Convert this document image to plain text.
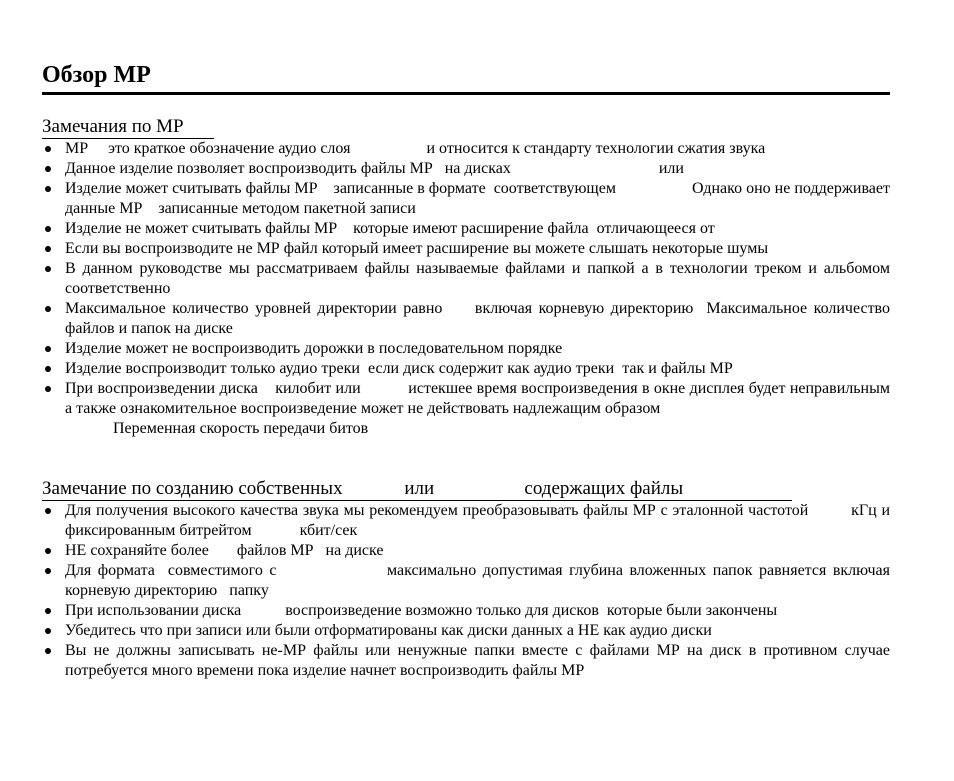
Обзор МР
Замечания по МР
МР     это краткое обозначение аудио слоя                   и относится к стандарту технологии сжатия звука
Данное изделие позволяет воспроизводить файлы МР   на дисках                                     или
Изделие может считывать файлы МР    записанные в формате  соответствующем                   Однако оно не поддерживает данные МР    записанные методом пакетной записи
Изделие не может считывать файлы МР    которые имеют расширение файла  отличающееся от
Если вы воспроизводите не МР файл который имеет расширение вы можете слышать некоторые шумы
В данном руководстве мы рассматриваем файлы называемые файлами и папкой а в технологии треком и альбомом соответственно
Максимальное количество уровней директории равно     включая корневую директорию  Максимальное количество файлов и папок на диске
Изделие может не воспроизводить дорожки в последовательном порядке
Изделие воспроизводит только аудио треки  если диск содержит как аудио треки  так и файлы МР
При воспроизведении диска    килобит или           истекшее время воспроизведения в окне дисплея будет неправильным  а также ознакомительное воспроизведение может не действовать надлежащим образом
Переменная скорость передачи битов
Замечание по созданию собственных             или                   содержащих файлы
Для получения высокого качества звука мы рекомендуем преобразовывать файлы МР с эталонной частотой         кГц и фиксированным битрейтом            кбит/сек
НЕ сохраняйте более       файлов МР   на диске
Для формата  совместимого с                 максимально допустимая глубина вложенных папок равняется включая корневую директорию   папку
При использовании диска           воспроизведение возможно только для дисков  которые были закончены
Убедитесь что при записи или были отформатированы как диски данных а НЕ как аудио диски
Вы не должны записывать не-МР файлы или ненужные папки вместе с файлами МР на диск в противном случае потребуется много времени пока изделие начнет воспроизводить файлы МР
